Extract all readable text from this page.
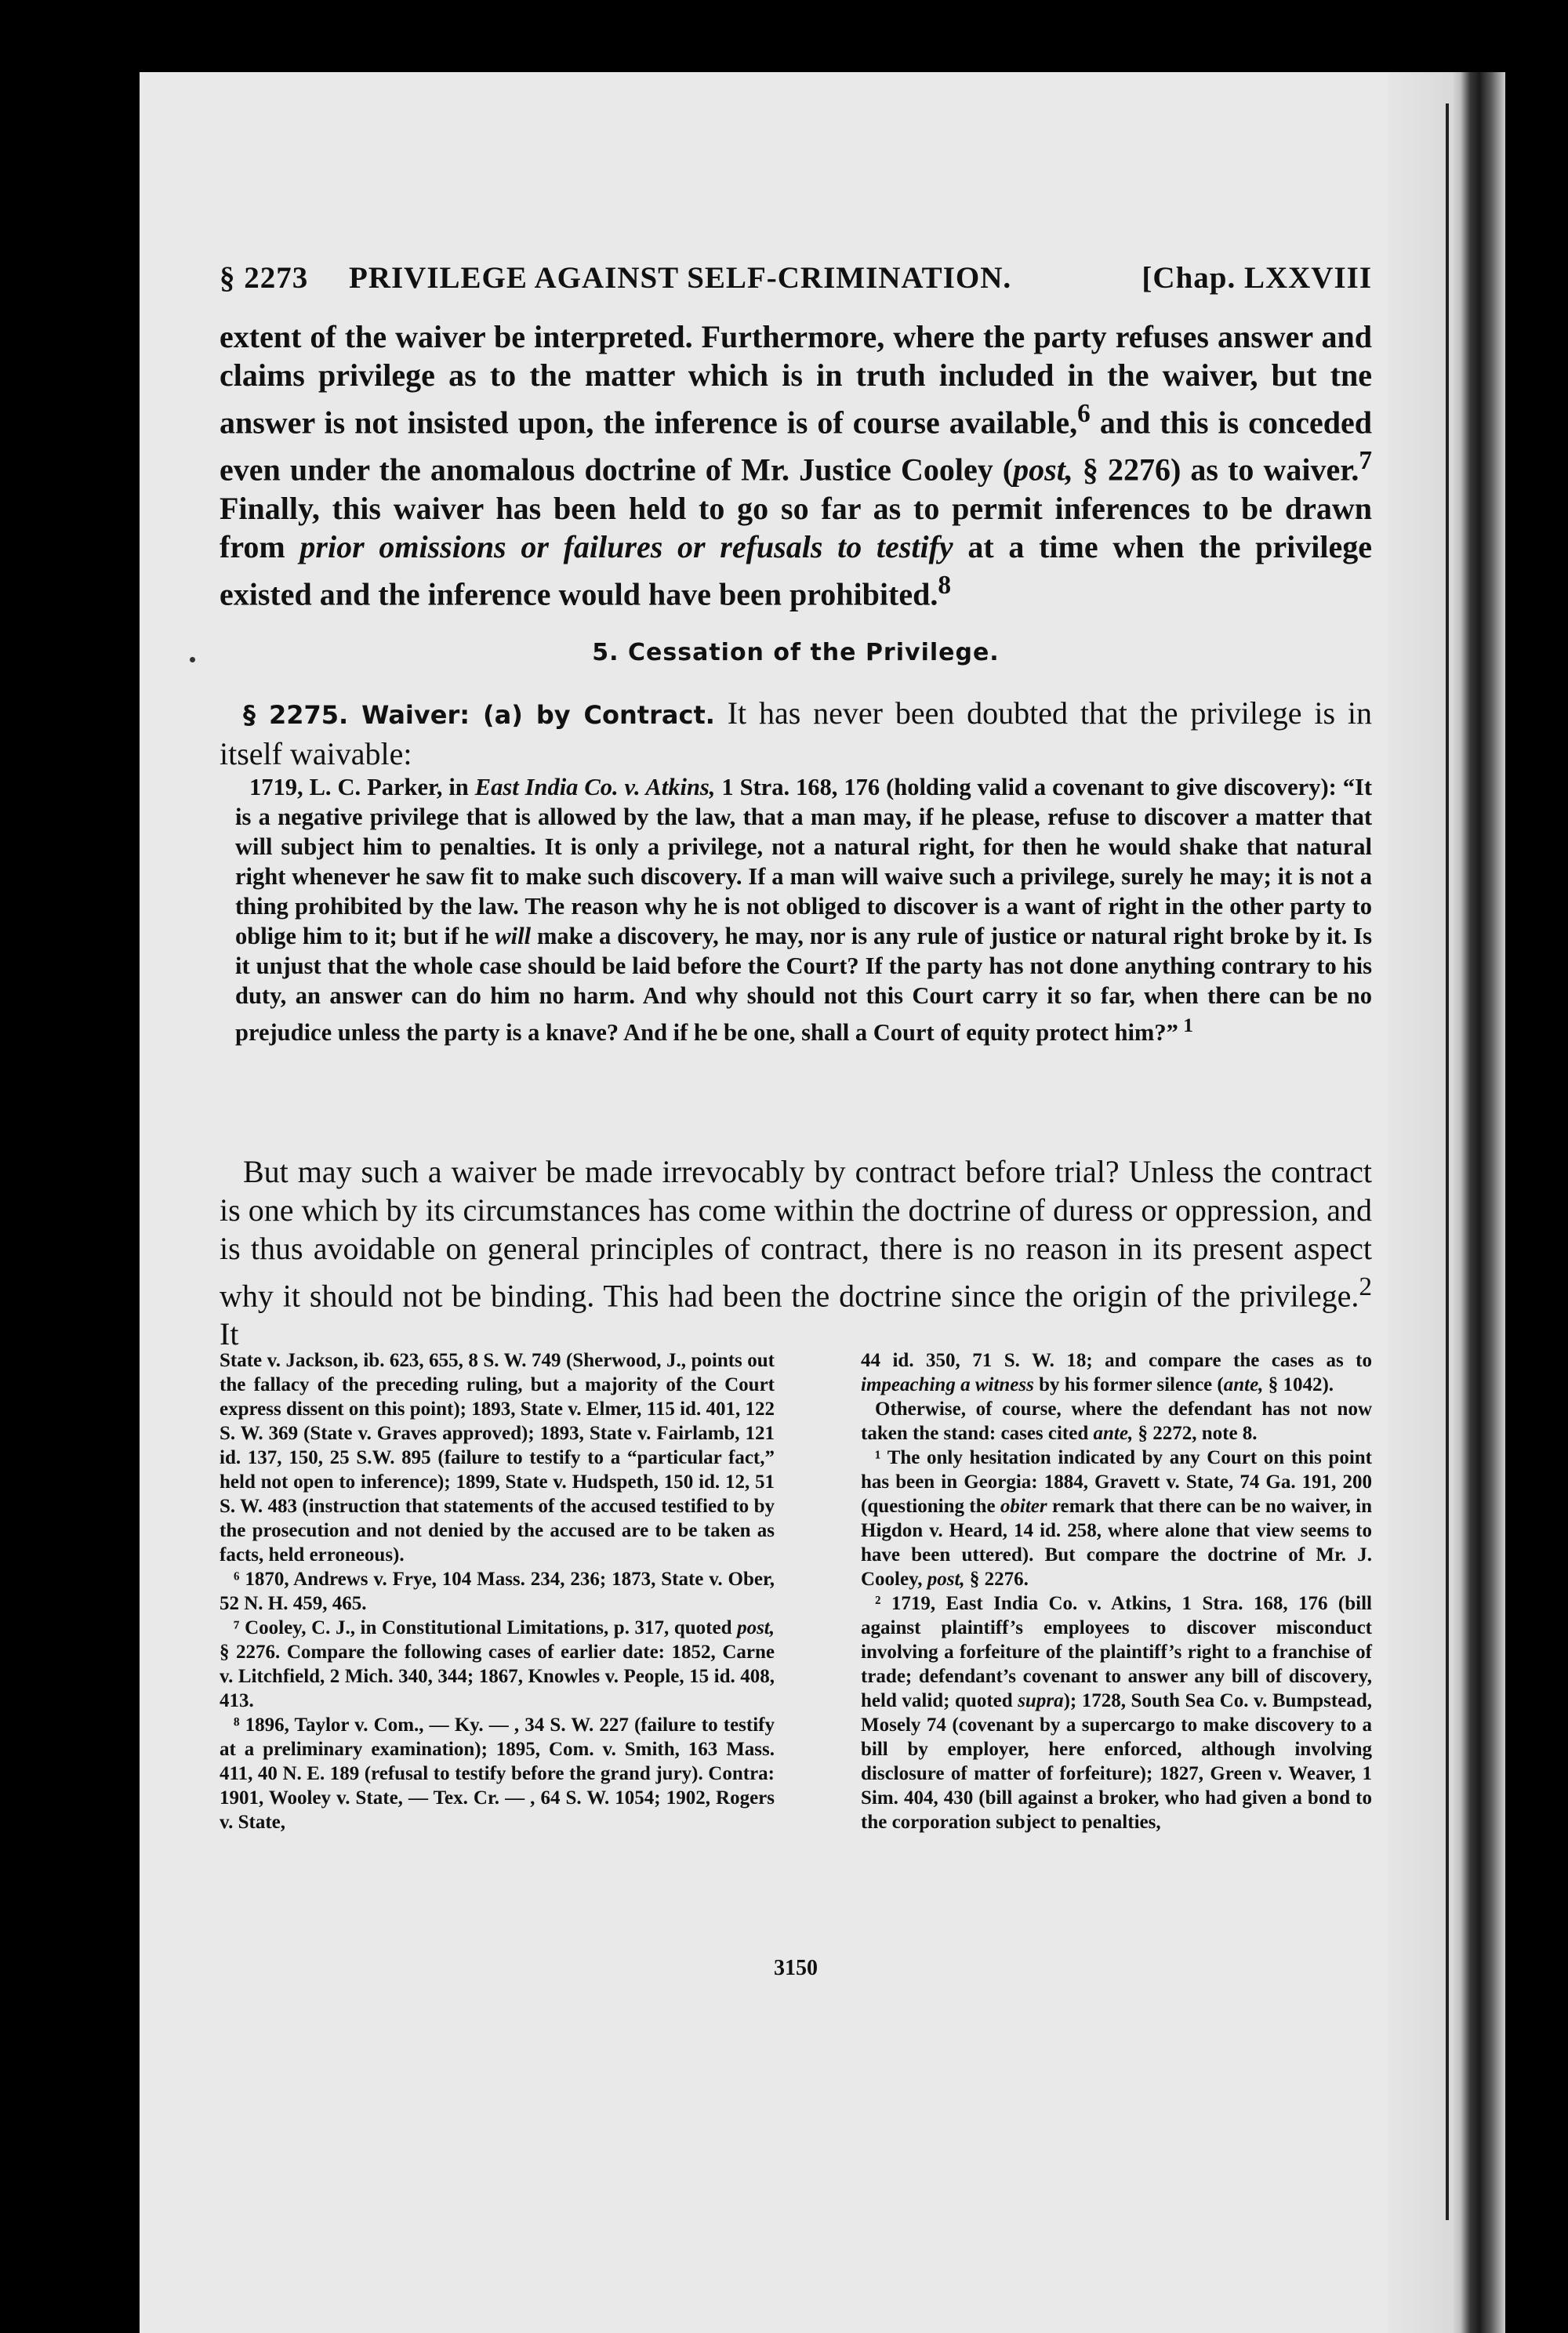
§ 2273 PRIVILEGE AGAINST SELF-CRIMINATION.	[Chap. LXXVIII

extent of the waiver be interpreted. Furthermore, where the party refuses answer and claims privilege as to the matter which is in truth included in the waiver, but tne answer is not insisted upon, the inference is of course available,$^6$ and this is conceded even under the anomalous doctrine of Mr. Justice Cooley (post, § 2276) as to waiver.$^7$ Finally, this waiver has been held to go so far as to permit inferences to be drawn from prior omissions or failures or refusals to testify at a time when the privilege existed and the inference would have been prohibited.$^8$

5. Cessation of the Privilege.

§ 2275. Waiver: (a) by Contract. It has never been doubted that the privilege is in itself waivable:

1719, L. C. Parker, in East India Co. v. Atkins, 1 Stra. 168, 176 (holding valid a covenant to give discovery): “It is a negative privilege that is allowed by the law, that a man may, if he please, refuse to discover a matter that will subject him to penalties. It is only a privilege, not a natural right, for then he would shake that natural right whenever he saw fit to make such discovery. If a man will waive such a privilege, surely he may; it is not a thing prohibited by the law. The reason why he is not obliged to discover is a want of right in the other party to oblige him to it; but if he will make a discovery, he may, nor is any rule of justice or natural right broke by it. Is it unjust that the whole case should be laid before the Court? If the party has not done anything contrary to his duty, an answer can do him no harm. And why should not this Court carry it so far, when there can be no prejudice unless the party is a knave? And if he be one, shall a Court of equity protect him?” $^1$

But may such a waiver be made irrevocably by contract before trial? Unless the contract is one which by its circumstances has come within the doctrine of duress or oppression, and is thus avoidable on general principles of contract, there is no reason in its present aspect why it should not be binding. This had been the doctrine since the origin of the privilege.$^2$ It

State v. Jackson, ib. 623, 655, 8 S. W. 749 (Sherwood, J., points out the fallacy of the preceding ruling, but a majority of the Court express dissent on this point); 1893, State v. Elmer, 115 id. 401, 122 S. W. 369 (State v. Graves approved); 1893, State v. Fairlamb, 121 id. 137, 150, 25 S.W. 895 (failure to testify to a “particular fact,” held not open to inference); 1899, State v. Hudspeth, 150 id. 12, 51 S. W. 483 (instruction that statements of the accused testified to by the prosecution and not denied by the accused are to be taken as facts, held erroneous).

⁶ 1870, Andrews v. Frye, 104 Mass. 234, 236; 1873, State v. Ober, 52 N. H. 459, 465.

⁷ Cooley, C. J., in Constitutional Limitations, p. 317, quoted post, § 2276. Compare the following cases of earlier date: 1852, Carne v. Litchfield, 2 Mich. 340, 344; 1867, Knowles v. People, 15 id. 408, 413.

⁸ 1896, Taylor v. Com., — Ky. — , 34 S. W. 227 (failure to testify at a preliminary examination); 1895, Com. v. Smith, 163 Mass. 411, 40 N. E. 189 (refusal to testify before the grand jury). Contra: 1901, Wooley v. State, — Tex. Cr. — , 64 S. W. 1054; 1902, Rogers v. State,

44 id. 350, 71 S. W. 18; and compare the cases as to impeaching a witness by his former silence (ante, § 1042).

Otherwise, of course, where the defendant has not now taken the stand: cases cited ante, § 2272, note 8.

¹ The only hesitation indicated by any Court on this point has been in Georgia: 1884, Gravett v. State, 74 Ga. 191, 200 (questioning the obiter remark that there can be no waiver, in Higdon v. Heard, 14 id. 258, where alone that view seems to have been uttered). But compare the doctrine of Mr. J. Cooley, post, § 2276.

² 1719, East India Co. v. Atkins, 1 Stra. 168, 176 (bill against plaintiff’s employees to discover misconduct involving a forfeiture of the plaintiff’s right to a franchise of trade; defendant’s covenant to answer any bill of discovery, held valid; quoted supra); 1728, South Sea Co. v. Bumpstead, Mosely 74 (covenant by a supercargo to make discovery to a bill by employer, here enforced, although involving disclosure of matter of forfeiture); 1827, Green v. Weaver, 1 Sim. 404, 430 (bill against a broker, who had given a bond to the corporation subject to penalties,

3150
